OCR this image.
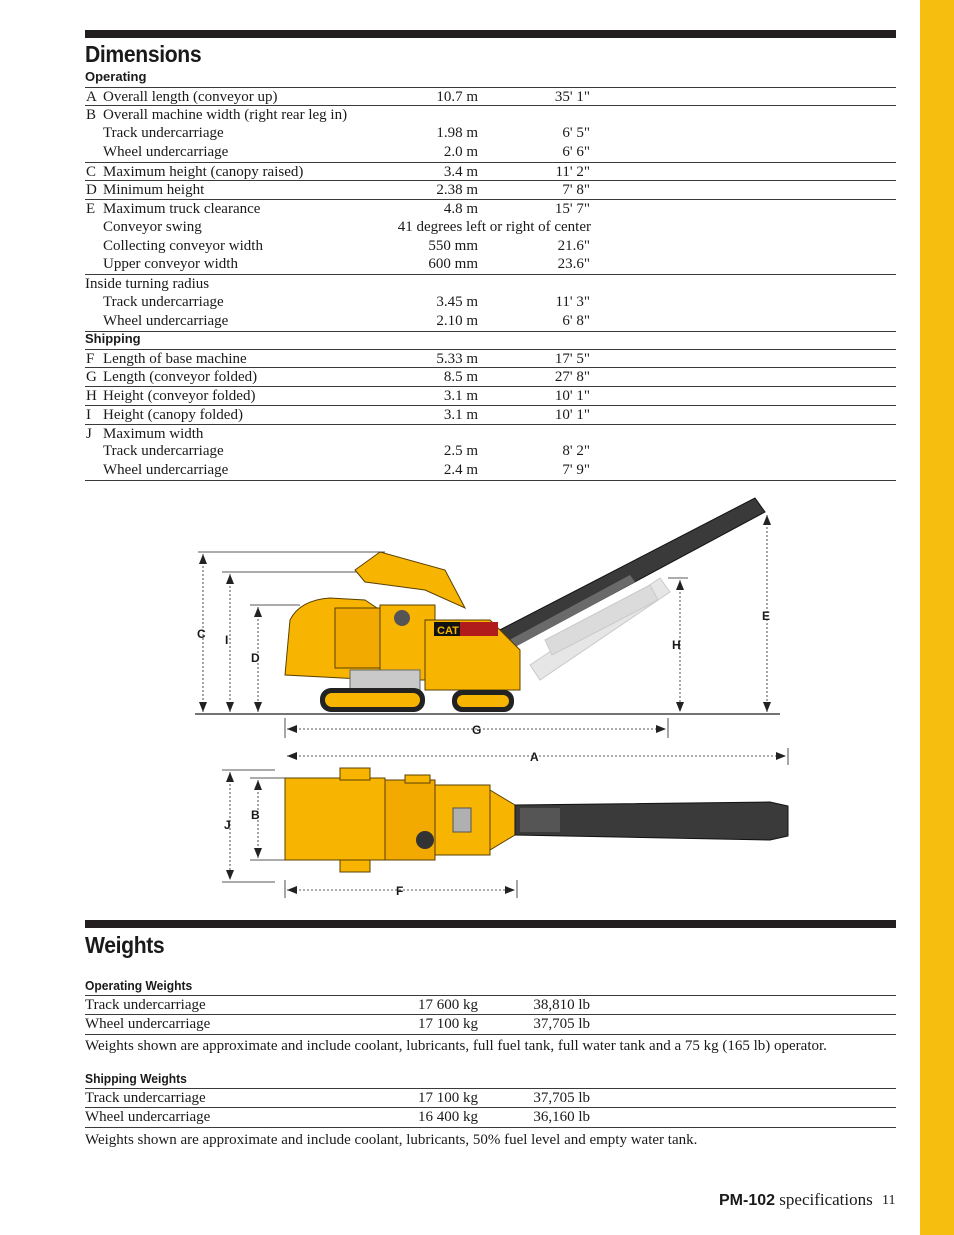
Dimensions
Operating
A Overall length (conveyor up)	10.7 m	35' 1"
B Overall machine width (right rear leg in)
Track undercarriage	1.98 m	6' 5"
Wheel undercarriage	2.0 m	6' 6"
C Maximum height (canopy raised)	3.4 m	11' 2"
D Minimum height	2.38 m	7' 8"
E Maximum truck clearance	4.8 m	15' 7"
Conveyor swing	41 degrees left or right of center
Collecting conveyor width	550 mm	21.6"
Upper conveyor width	600 mm	23.6"
Inside turning radius
Track undercarriage	3.45 m	11' 3"
Wheel undercarriage	2.10 m	6' 8"
Shipping
F Length of base machine	5.33 m	17' 5"
G Length (conveyor folded)	8.5 m	27' 8"
H Height (conveyor folded)	3.1 m	10' 1"
I Height (canopy folded)	3.1 m	10' 1"
J Maximum width
Track undercarriage	2.5 m	8' 2"
Wheel undercarriage	2.4 m	7' 9"
C I
D
E
H
G
A
CAT
J
B
F
Weights
Operating Weights
Track undercarriage	17 600 kg	38,810 lb
Wheel undercarriage	17 100 kg	37,705 lb
Weights shown are approximate and include coolant, lubricants, full fuel tank, full water tank and a 75 kg (165 lb) operator.
Shipping Weights
Track undercarriage	17 100 kg	37,705 lb
Wheel undercarriage	16 400 kg	36,160 lb
Weights shown are approximate and include coolant, lubricants, 50% fuel level and empty water tank.
PM-102 specifications 11
